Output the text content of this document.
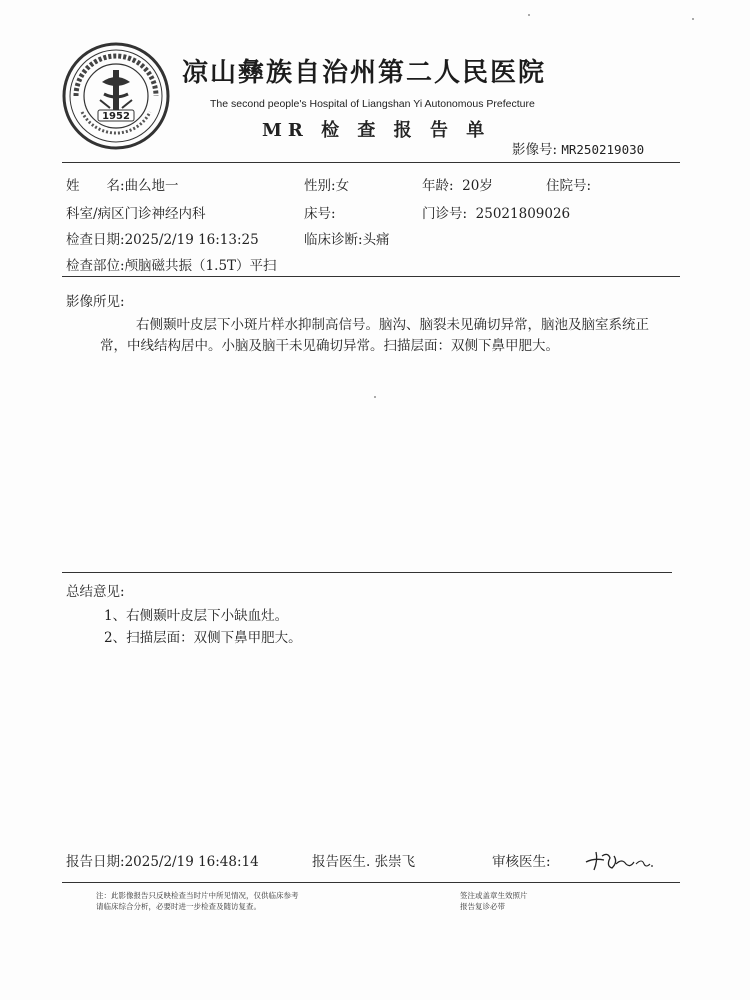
1952
凉山彝族自治州第二人民医院
The second people's Hospital of Liangshan Yi Autonomous Prefecture
MR 检 查 报 告 单
影像号: MR250219030
姓　　名:曲么地一	性别:女	年龄: 20岁	住院号:
科室/病区门诊神经内科	床号:	门诊号: 25021809026
检查日期:2025/2/19 16:13:25	临床诊断:头痛
检查部位:颅脑磁共振（1.5T）平扫
影像所见:
右侧颞叶皮层下小斑片样水抑制高信号。脑沟、脑裂未见确切异常，脑池及脑室系统正常，中线结构居中。小脑及脑干未见确切异常。扫描层面：双侧下鼻甲肥大。
总结意见:
1、右侧颞叶皮层下小缺血灶。
2、扫描层面：双侧下鼻甲肥大。
报告日期:2025/2/19 16:48:14	报告医生. 张崇飞	审核医生:
注：此影像报告只反映检查当时片中所见情况，仅供临床参考
请临床综合分析，必要时进一步检查及随访复查。
签注或盖章生效照片
报告复诊必带
